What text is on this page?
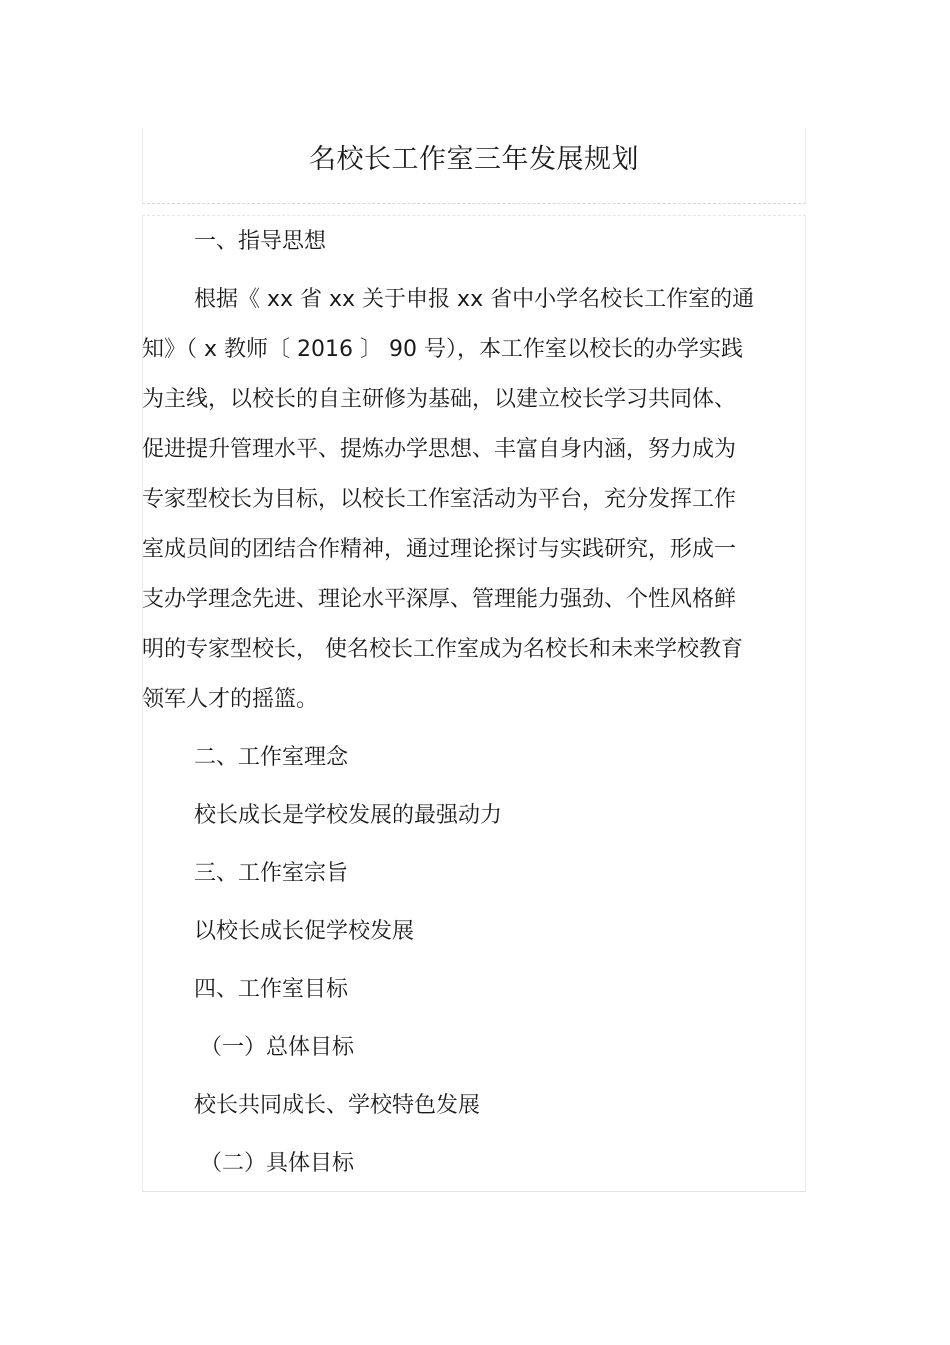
名校长工作室三年发展规划
一、指导思想
根据《 xx 省 xx 关于申报 xx 省中小学名校长工作室的通
知》（ x 教师〔 2016 〕 90 号），本工作室以校长的办学实践
为主线，以校长的自主研修为基础，以建立校长学习共同体、
促进提升管理水平、提炼办学思想、丰富自身内涵，努力成为
专家型校长为目标，以校长工作室活动为平台，充分发挥工作
室成员间的团结合作精神，通过理论探讨与实践研究，形成一
支办学理念先进、理论水平深厚、管理能力强劲、个性风格鲜
明的专家型校长， 使名校长工作室成为名校长和未来学校教育
领军人才的摇篮。
二、工作室理念
校长成长是学校发展的最强动力
三、工作室宗旨
以校长成长促学校发展
四、工作室目标
（一）总体目标
校长共同成长、学校特色发展
（二）具体目标
